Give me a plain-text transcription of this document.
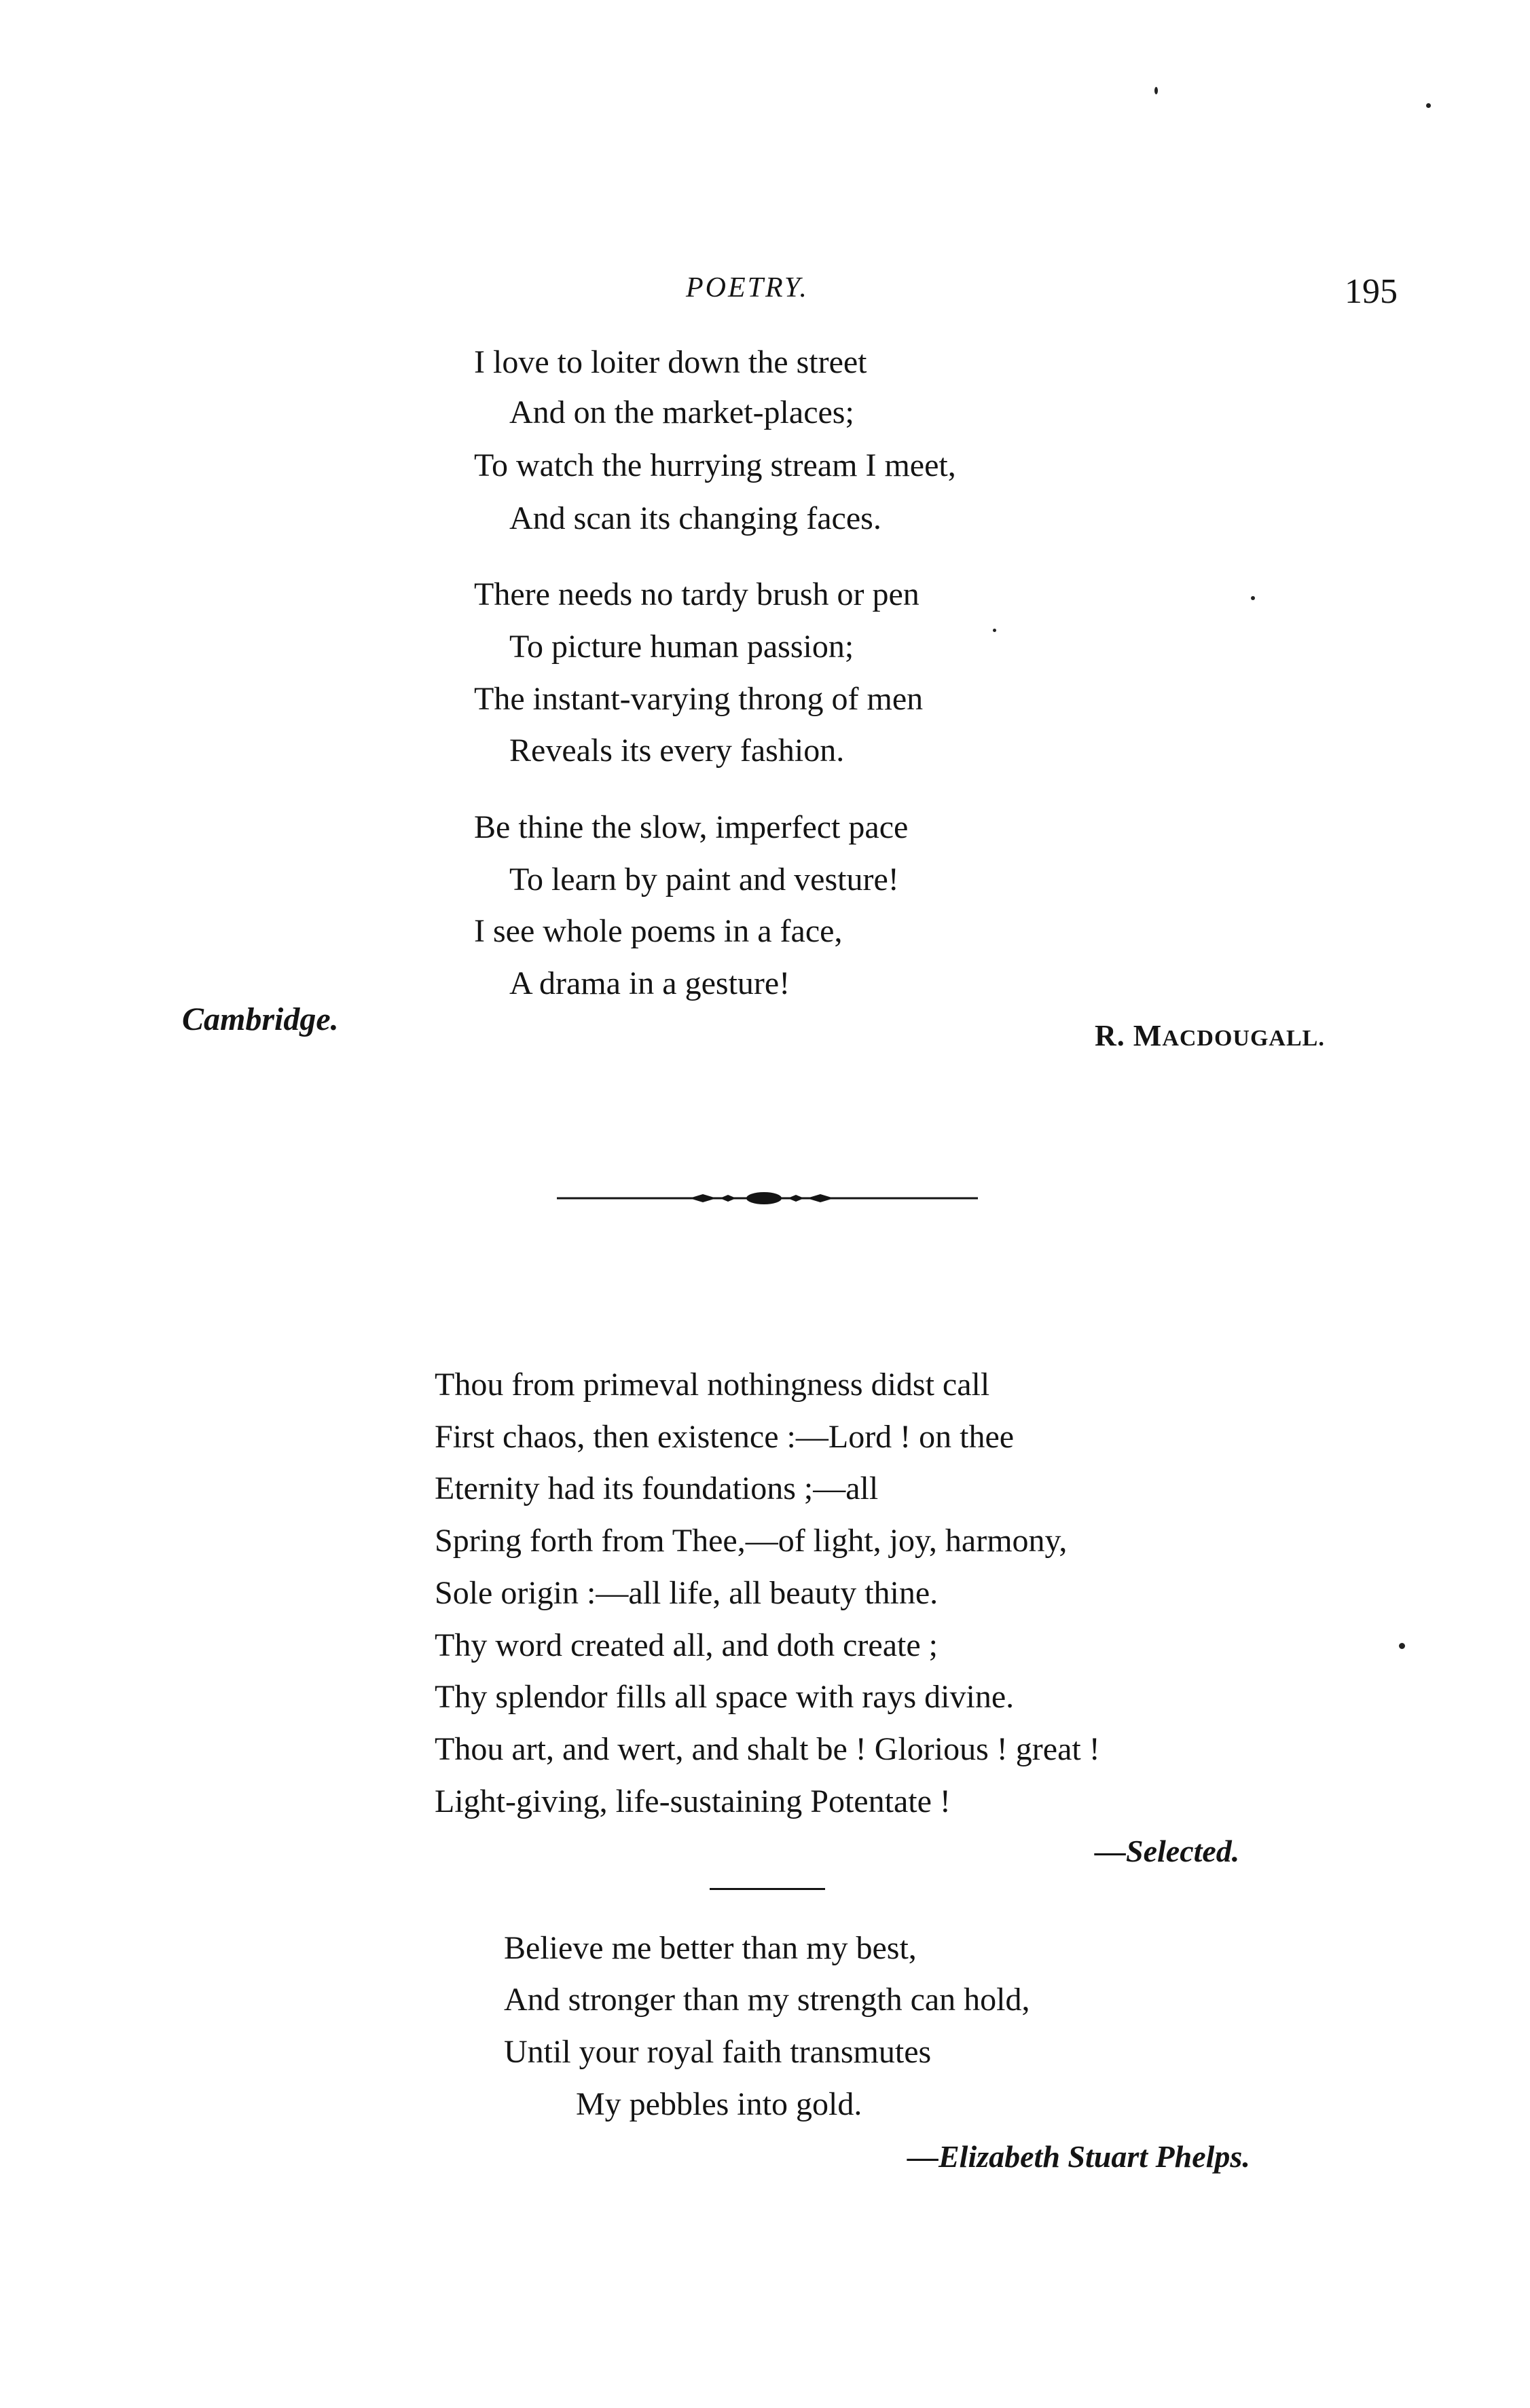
POETRY.	195
I love to loiter down the street
And on the market-places;
To watch the hurrying stream I meet,
And scan its changing faces.
There needs no tardy brush or pen
To picture human passion;
The instant-varying throng of men
Reveals its every fashion.
Be thine the slow, imperfect pace
To learn by paint and vesture!
I see whole poems in a face,
A drama in a gesture!
Cambridge.	R. MACDOUGALL.
Thou from primeval nothingness didst call
First chaos, then existence :—Lord ! on thee
Eternity had its foundations ;—all
Spring forth from Thee,—of light, joy, harmony,
Sole origin :—all life, all beauty thine.
Thy word created all, and doth create ;
Thy splendor fills all space with rays divine.
Thou art, and wert, and shalt be ! Glorious ! great !
Light-giving, life-sustaining Potentate !
—Selected.
Believe me better than my best,
And stronger than my strength can hold,
Until your royal faith transmutes
My pebbles into gold.
—Elizabeth Stuart Phelps.
